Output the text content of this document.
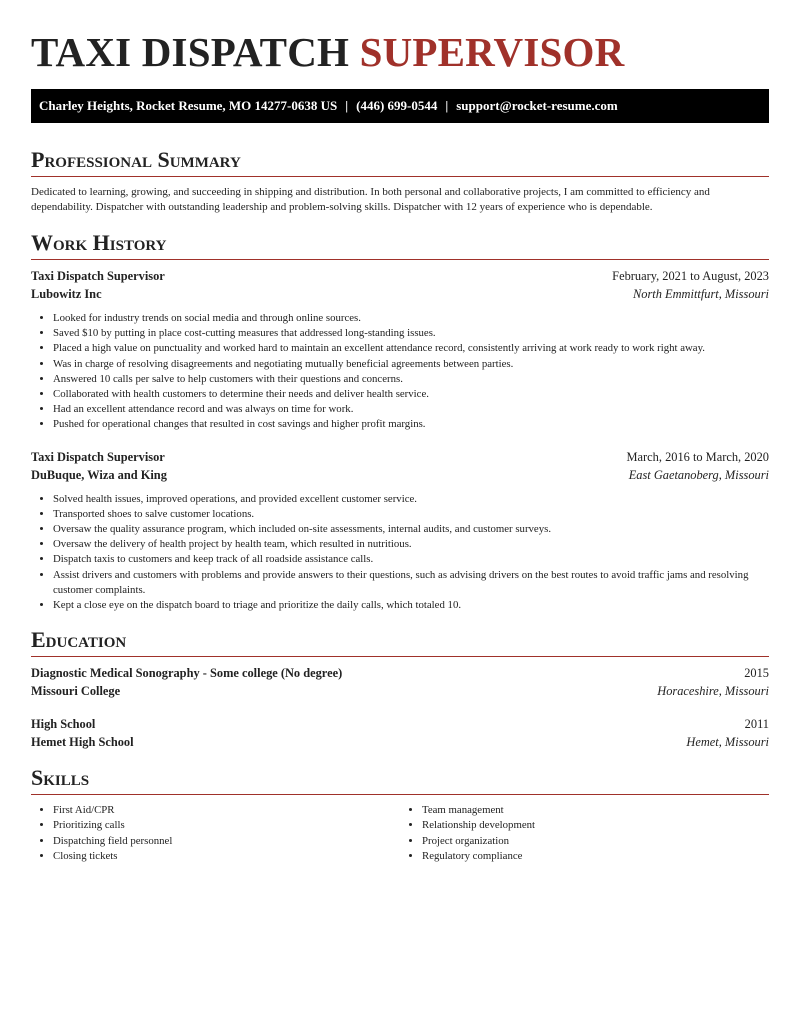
TAXI DISPATCH SUPERVISOR
Charley Heights, Rocket Resume, MO 14277-0638 US | (446) 699-0544 | support@rocket-resume.com
Professional Summary
Dedicated to learning, growing, and succeeding in shipping and distribution. In both personal and collaborative projects, I am committed to efficiency and dependability. Dispatcher with outstanding leadership and problem-solving skills. Dispatcher with 12 years of experience who is dependable.
Work History
Taxi Dispatch Supervisor	February, 2021 to August, 2023
Lubowitz Inc	North Emmittfurt, Missouri
• Looked for industry trends on social media and through online sources.
• Saved $10 by putting in place cost-cutting measures that addressed long-standing issues.
• Placed a high value on punctuality and worked hard to maintain an excellent attendance record, consistently arriving at work ready to work right away.
• Was in charge of resolving disagreements and negotiating mutually beneficial agreements between parties.
• Answered 10 calls per salve to help customers with their questions and concerns.
• Collaborated with health customers to determine their needs and deliver health service.
• Had an excellent attendance record and was always on time for work.
• Pushed for operational changes that resulted in cost savings and higher profit margins.
Taxi Dispatch Supervisor	March, 2016 to March, 2020
DuBuque, Wiza and King	East Gaetanoberg, Missouri
• Solved health issues, improved operations, and provided excellent customer service.
• Transported shoes to salve customer locations.
• Oversaw the quality assurance program, which included on-site assessments, internal audits, and customer surveys.
• Oversaw the delivery of health project by health team, which resulted in nutritious.
• Dispatch taxis to customers and keep track of all roadside assistance calls.
• Assist drivers and customers with problems and provide answers to their questions, such as advising drivers on the best routes to avoid traffic jams and resolving customer complaints.
• Kept a close eye on the dispatch board to triage and prioritize the daily calls, which totaled 10.
Education
Diagnostic Medical Sonography - Some college (No degree)	2015
Missouri College	Horaceshire, Missouri
High School	2011
Hemet High School	Hemet, Missouri
Skills
• First Aid/CPR
• Prioritizing calls
• Dispatching field personnel
• Closing tickets
• Team management
• Relationship development
• Project organization
• Regulatory compliance
